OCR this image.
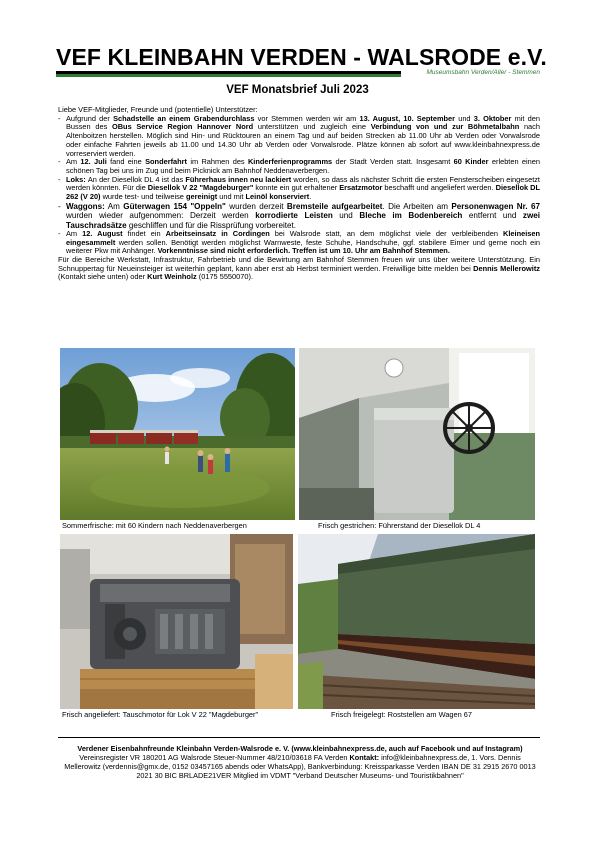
VEF KLEINBAHN VERDEN - WALSRODE e.V.
Museumsbahn Verden/Aller - Stemmen
VEF Monatsbrief Juli 2023

Liebe VEF-Mitglieder, Freunde und (potentielle) Unterstützer:

- Aufgrund der Schadstelle an einem Grabendurchlass vor Stemmen werden wir am 13. August, 10. September und 3. Oktober mit den Bussen des OBus Service Region Hannover Nord unterstützen und zugleich eine Verbindung von und zur Böhmetalbahn nach Altenboitzen herstellen. Möglich sind Hin- und Rücktouren an einem Tag und auf beiden Strecken ab 11.00 Uhr ab Verden oder Vorwalsrode oder einfache Fahrten jeweils ab 11.00 und 14.30 Uhr ab Verden oder Vorwalsrode. Plätze können ab sofort auf www.kleinbahnexpress.de vorreserviert werden.
- Am 12. Juli fand eine Sonderfahrt im Rahmen des Kinderferienprogramms der Stadt Verden statt. Insgesamt 60 Kinder erlebten einen schönen Tag bei uns im Zug und beim Picknick am Bahnhof Neddenaverbergen.
- Loks: An der Diesellok DL 4 ist das Führerhaus innen neu lackiert worden, so dass als nächster Schritt die ersten Fensterscheiben eingesetzt werden könnten. Für die Diesellok V 22 "Magdeburger" konnte ein gut erhaltener Ersatzmotor beschafft und angeliefert werden. Diesellok DL 262 (V 20) wurde test- und teilweise gereinigt und mit Leinöl konserviert.
- Waggons: Am Güterwagen 154 "Oppeln" wurden derzeit Bremsteile aufgearbeitet. Die Arbeiten am Personenwagen Nr. 67 wurden wieder aufgenommen: Derzeit werden korrodierte Leisten und Bleche im Bodenbereich entfernt und zwei Tauschradsätze geschliffen und für die Rissprüfung vorbereitet.
- Am 12. August findet ein Arbeitseinsatz in Cordingen bei Walsrode statt, an dem möglichst viele der verbleibenden Kleineisen eingesammelt werden sollen. Benötigt werden möglichst Warnweste, feste Schuhe, Handschuhe, ggf. stabilere Eimer und gerne noch ein weiterer Pkw mit Anhänger. Vorkenntnisse sind nicht erforderlich. Treffen ist um 10. Uhr am Bahnhof Stemmen.

Für die Bereiche Werkstatt, Infrastruktur, Fahrbetrieb und die Bewirtung am Bahnhof Stemmen freuen wir uns über weitere Unterstützung. Ein Schnuppertag für Neueinsteiger ist weiterhin geplant, kann aber erst ab Herbst terminiert werden. Freiwillige bitte melden bei Dennis Mellerowitz (Kontakt siehe unten) oder Kurt Weinholz (0175 5550070).

Sommerfrische: mit 60 Kindern nach Neddenaverbergen	Frisch gestrichen: Führerstand der Diesellok DL 4
Frisch angeliefert: Tauschmotor für Lok V 22 "Magdeburger"	Frisch freigelegt: Roststellen am Wagen 67
Verdener Eisenbahnfreunde Kleinbahn Verden-Walsrode e. V. (www.kleinbahnexpress.de, auch auf Facebook und auf Instagram) Vereinsregister VR 180201 AG Walsrode Steuer-Nummer 48/210/03618 FA Verden Kontakt: info@kleinbahnexpress.de, 1. Vors. Dennis Mellerowitz (verdennis@gmx.de, 0152 03457165 abends oder WhatsApp), Bankverbindung: Kreissparkasse Verden IBAN DE 31 2915 2670 0013 2021 30 BIC BRLADE21VER Mitglied im VDMT "Verband Deutscher Museums- und Touristikbahnen"
